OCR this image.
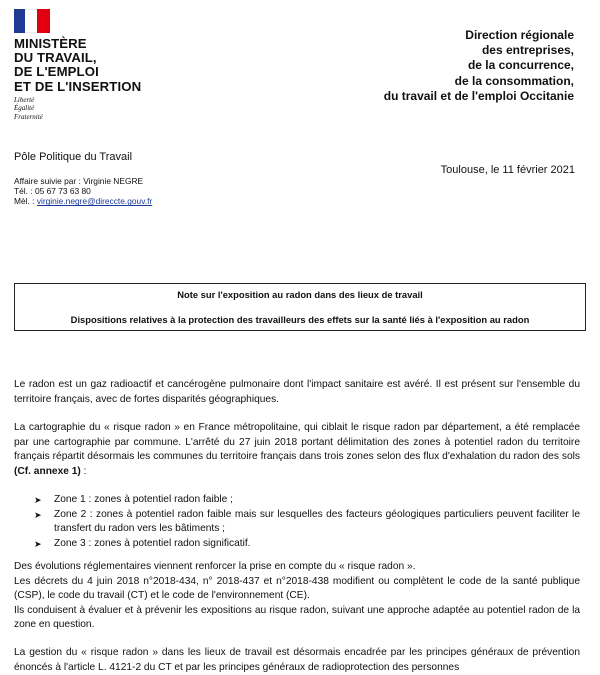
MINISTÈRE
DU TRAVAIL,
DE L'EMPLOI
ET DE L'INSERTION
Liberté
Égalité
Fraternité
Direction régionale
des entreprises,
de la concurrence,
de la consommation,
du travail et de l'emploi Occitanie
Pôle Politique du Travail
Affaire suivie par : Virginie NEGRE
Tél. : 05 67 73 63 80
Mèl. : virginie.negre@direccte.gouv.fr
Toulouse, le 11 février 2021
Note sur l'exposition au radon dans des lieux de travail
Dispositions relatives à la protection des travailleurs des effets sur la santé liés à l'exposition au radon
Le radon est un gaz radioactif et cancérogène pulmonaire dont l'impact sanitaire est avéré. Il est présent sur l'ensemble du territoire français, avec de fortes disparités géographiques.
La cartographie du « risque radon » en France métropolitaine, qui ciblait le risque radon par département, a été remplacée par une cartographie par commune. L'arrêté du 27 juin 2018 portant délimitation des zones à potentiel radon du territoire français répartit désormais les communes du territoire français dans trois zones selon des flux d'exhalation du radon des sols (Cf. annexe 1) :
➤	Zone 1 : zones à potentiel radon faible ;
➤	Zone 2 : zones à potentiel radon faible mais sur lesquelles des facteurs géologiques particuliers peuvent faciliter le transfert du radon vers les bâtiments ;
➤	Zone 3 : zones à potentiel radon significatif.
Des évolutions réglementaires viennent renforcer la prise en compte du « risque radon ».
Les décrets du 4 juin 2018 n°2018-434, n° 2018-437 et n°2018-438 modifient ou complètent le code de la santé publique (CSP), le code du travail (CT) et le code de l'environnement (CE).
Ils conduisent à évaluer et à prévenir les expositions au risque radon, suivant une approche adaptée au potentiel radon de la zone en question.
La gestion du « risque radon » dans les lieux de travail est désormais encadrée par les principes généraux de prévention énoncés à l'article L. 4121-2 du CT et par les principes généraux de radioprotection des personnes
